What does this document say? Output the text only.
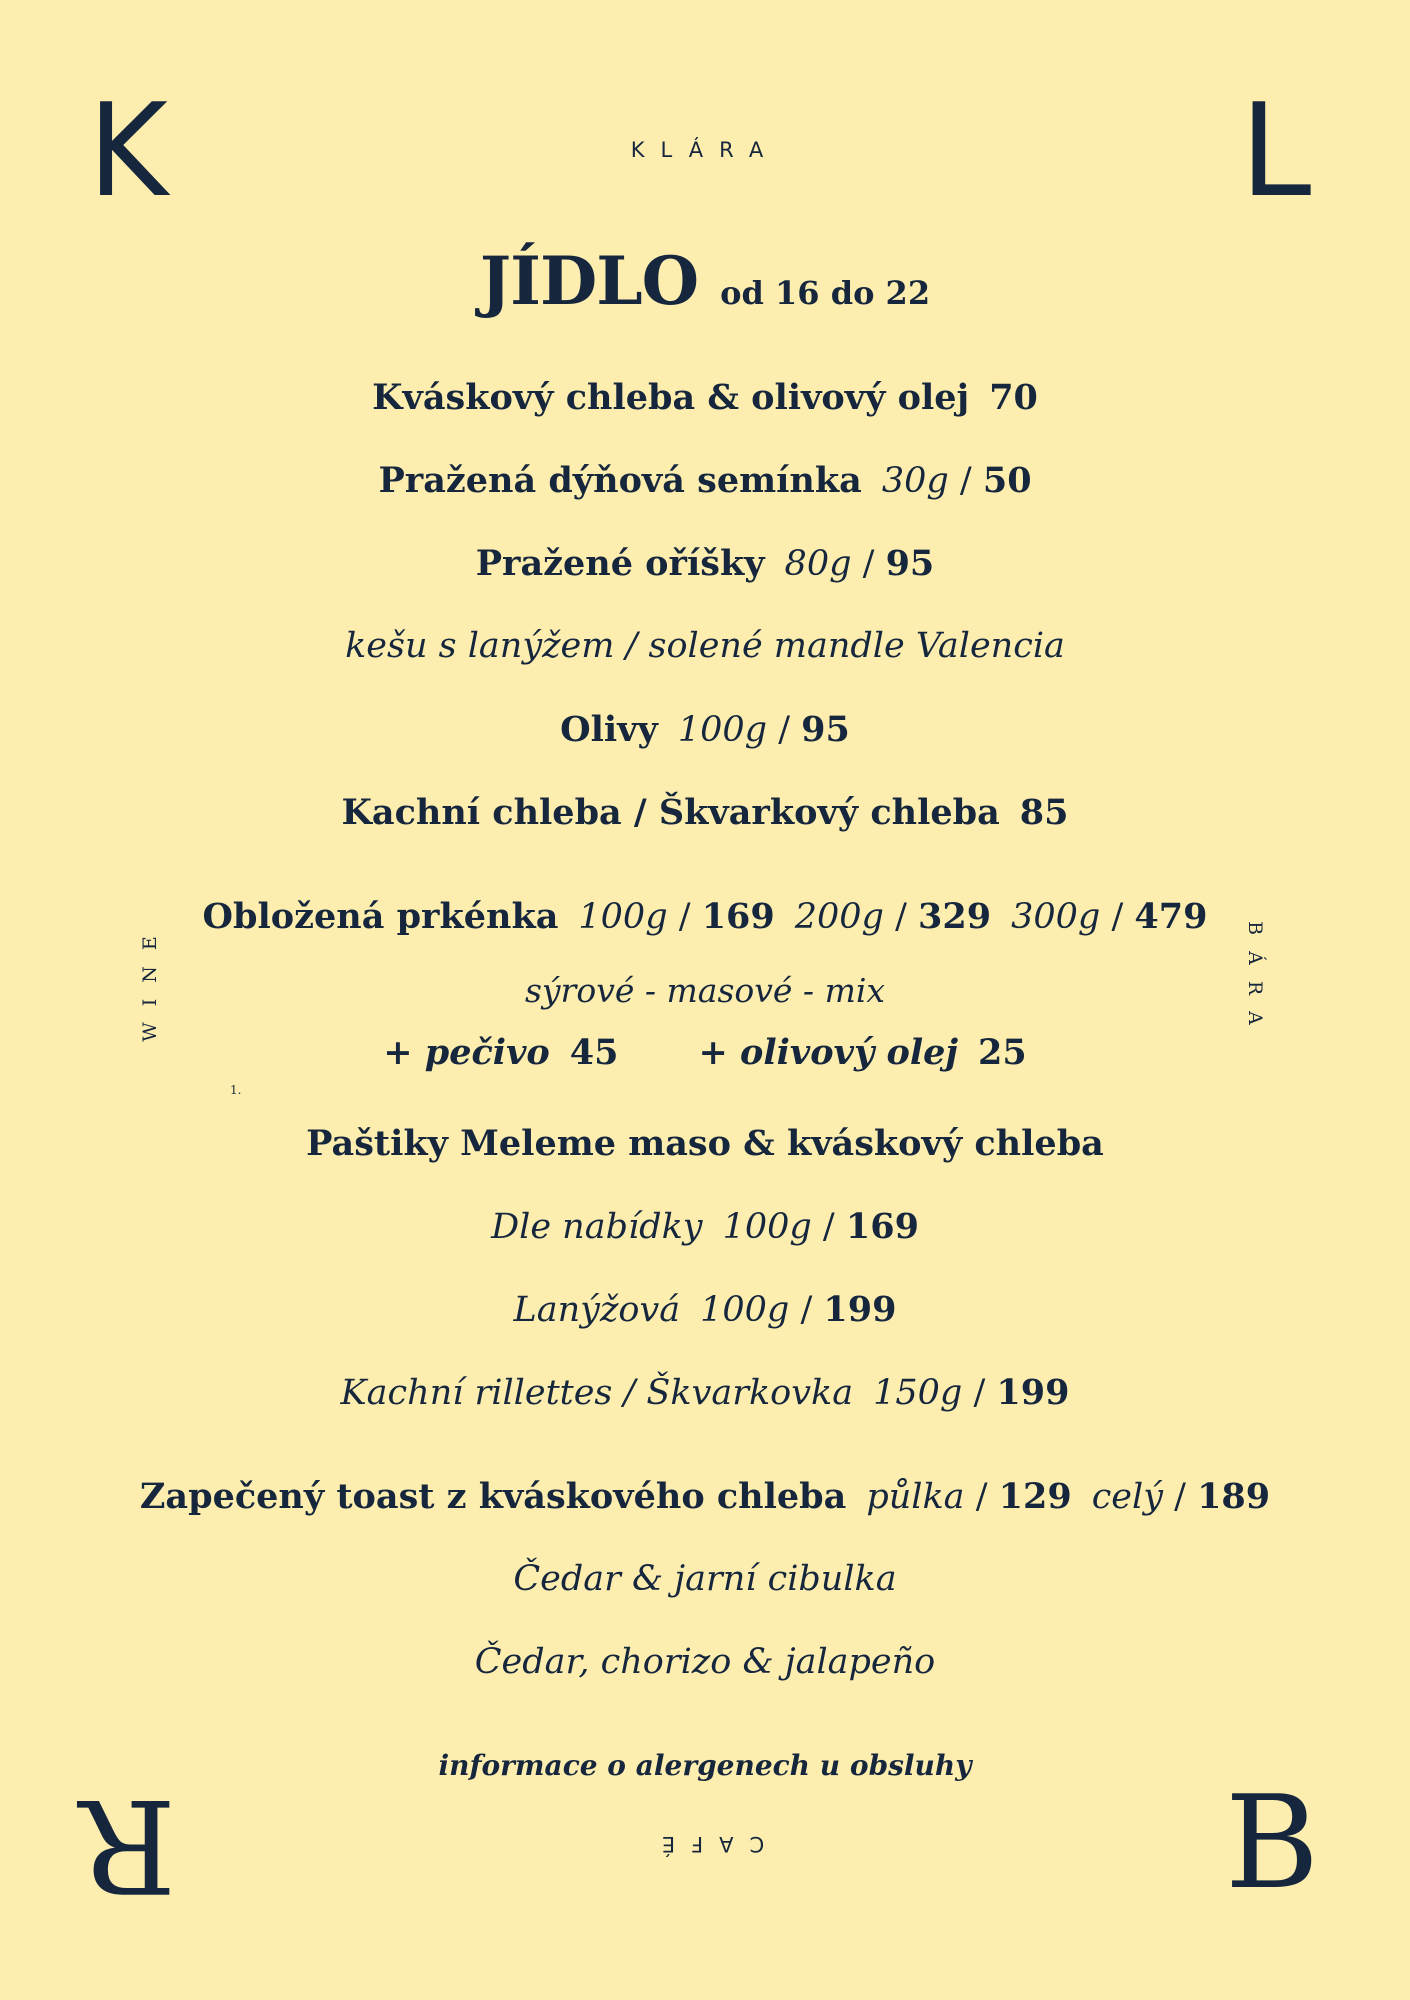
K	L
R	B
KLÁRA
CAFÉ
WINE	BÁRA
1.
JÍDLO od 16 do 22
Kváskový chleba & olivový olej 70
Pražená dýňová semínka 30g / 50
Pražené oříšky 80g / 95
kešu s lanýžem / solené mandle Valencia
Olivy 100g / 95
Kachní chleba / Škvarkový chleba 85
Obložená prkénka 100g / 169 200g / 329 300g / 479
sýrové - masové - mix
+ pečivo 45 + olivový olej 25
Paštiky Meleme maso & kváskový chleba
Dle nabídky 100g / 169
Lanýžová 100g / 199
Kachní rillettes / Škvarkovka 150g / 199
Zapečený toast z kváskového chleba půlka / 129 celý / 189
Čedar & jarní cibulka
Čedar, chorizo & jalapeño
informace o alergenech u obsluhy
